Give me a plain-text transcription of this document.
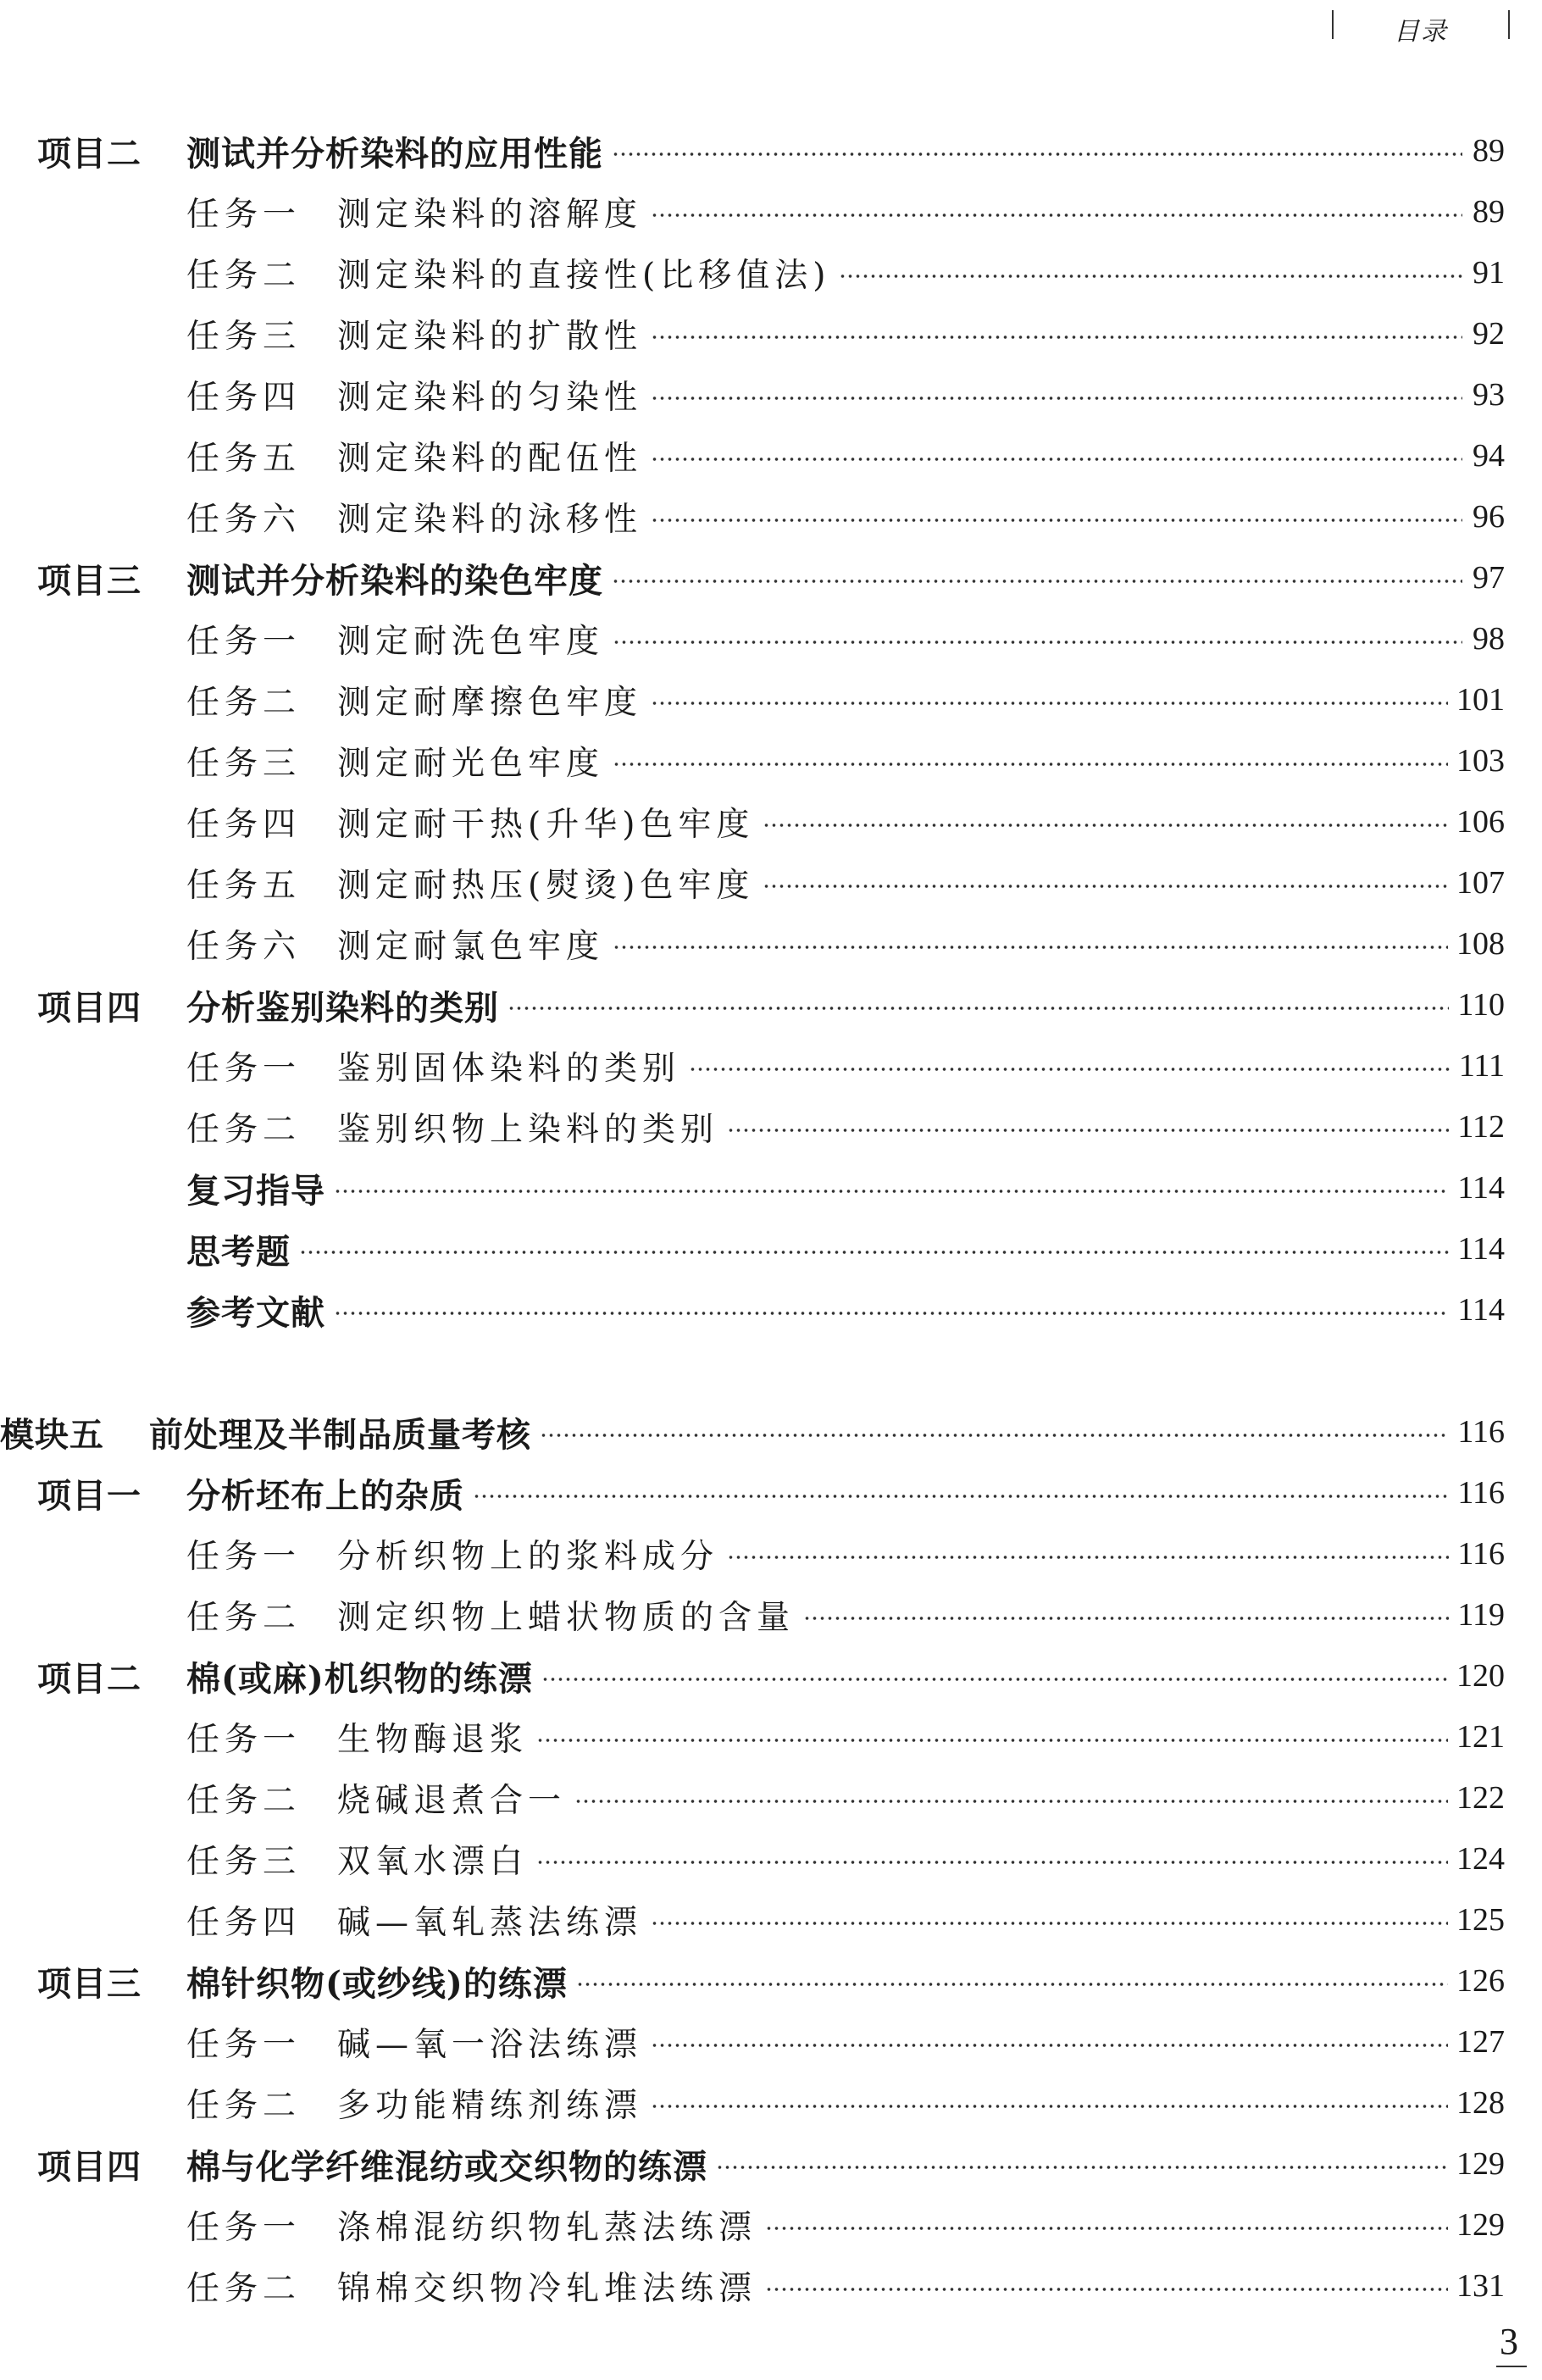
目录
项目二	测试并分析染料的应用性能	89
任务一	测定染料的溶解度	89
任务二	测定染料的直接性(比移值法)	91
任务三	测定染料的扩散性	92
任务四	测定染料的匀染性	93
任务五	测定染料的配伍性	94
任务六	测定染料的泳移性	96
项目三	测试并分析染料的染色牢度	97
任务一	测定耐洗色牢度	98
任务二	测定耐摩擦色牢度	101
任务三	测定耐光色牢度	103
任务四	测定耐干热(升华)色牢度	106
任务五	测定耐热压(熨烫)色牢度	107
任务六	测定耐氯色牢度	108
项目四	分析鉴别染料的类别	110
任务一	鉴别固体染料的类别	111
任务二	鉴别织物上染料的类别	112
复习指导	114
思考题	114
参考文献	114
模块五	前处理及半制品质量考核	116
项目一	分析坯布上的杂质	116
任务一	分析织物上的浆料成分	116
任务二	测定织物上蜡状物质的含量	119
项目二	棉(或麻)机织物的练漂	120
任务一	生物酶退浆	121
任务二	烧碱退煮合一	122
任务三	双氧水漂白	124
任务四	碱—氧轧蒸法练漂	125
项目三	棉针织物(或纱线)的练漂	126
任务一	碱—氧一浴法练漂	127
任务二	多功能精练剂练漂	128
项目四	棉与化学纤维混纺或交织物的练漂	129
任务一	涤棉混纺织物轧蒸法练漂	129
任务二	锦棉交织物冷轧堆法练漂	131
3
